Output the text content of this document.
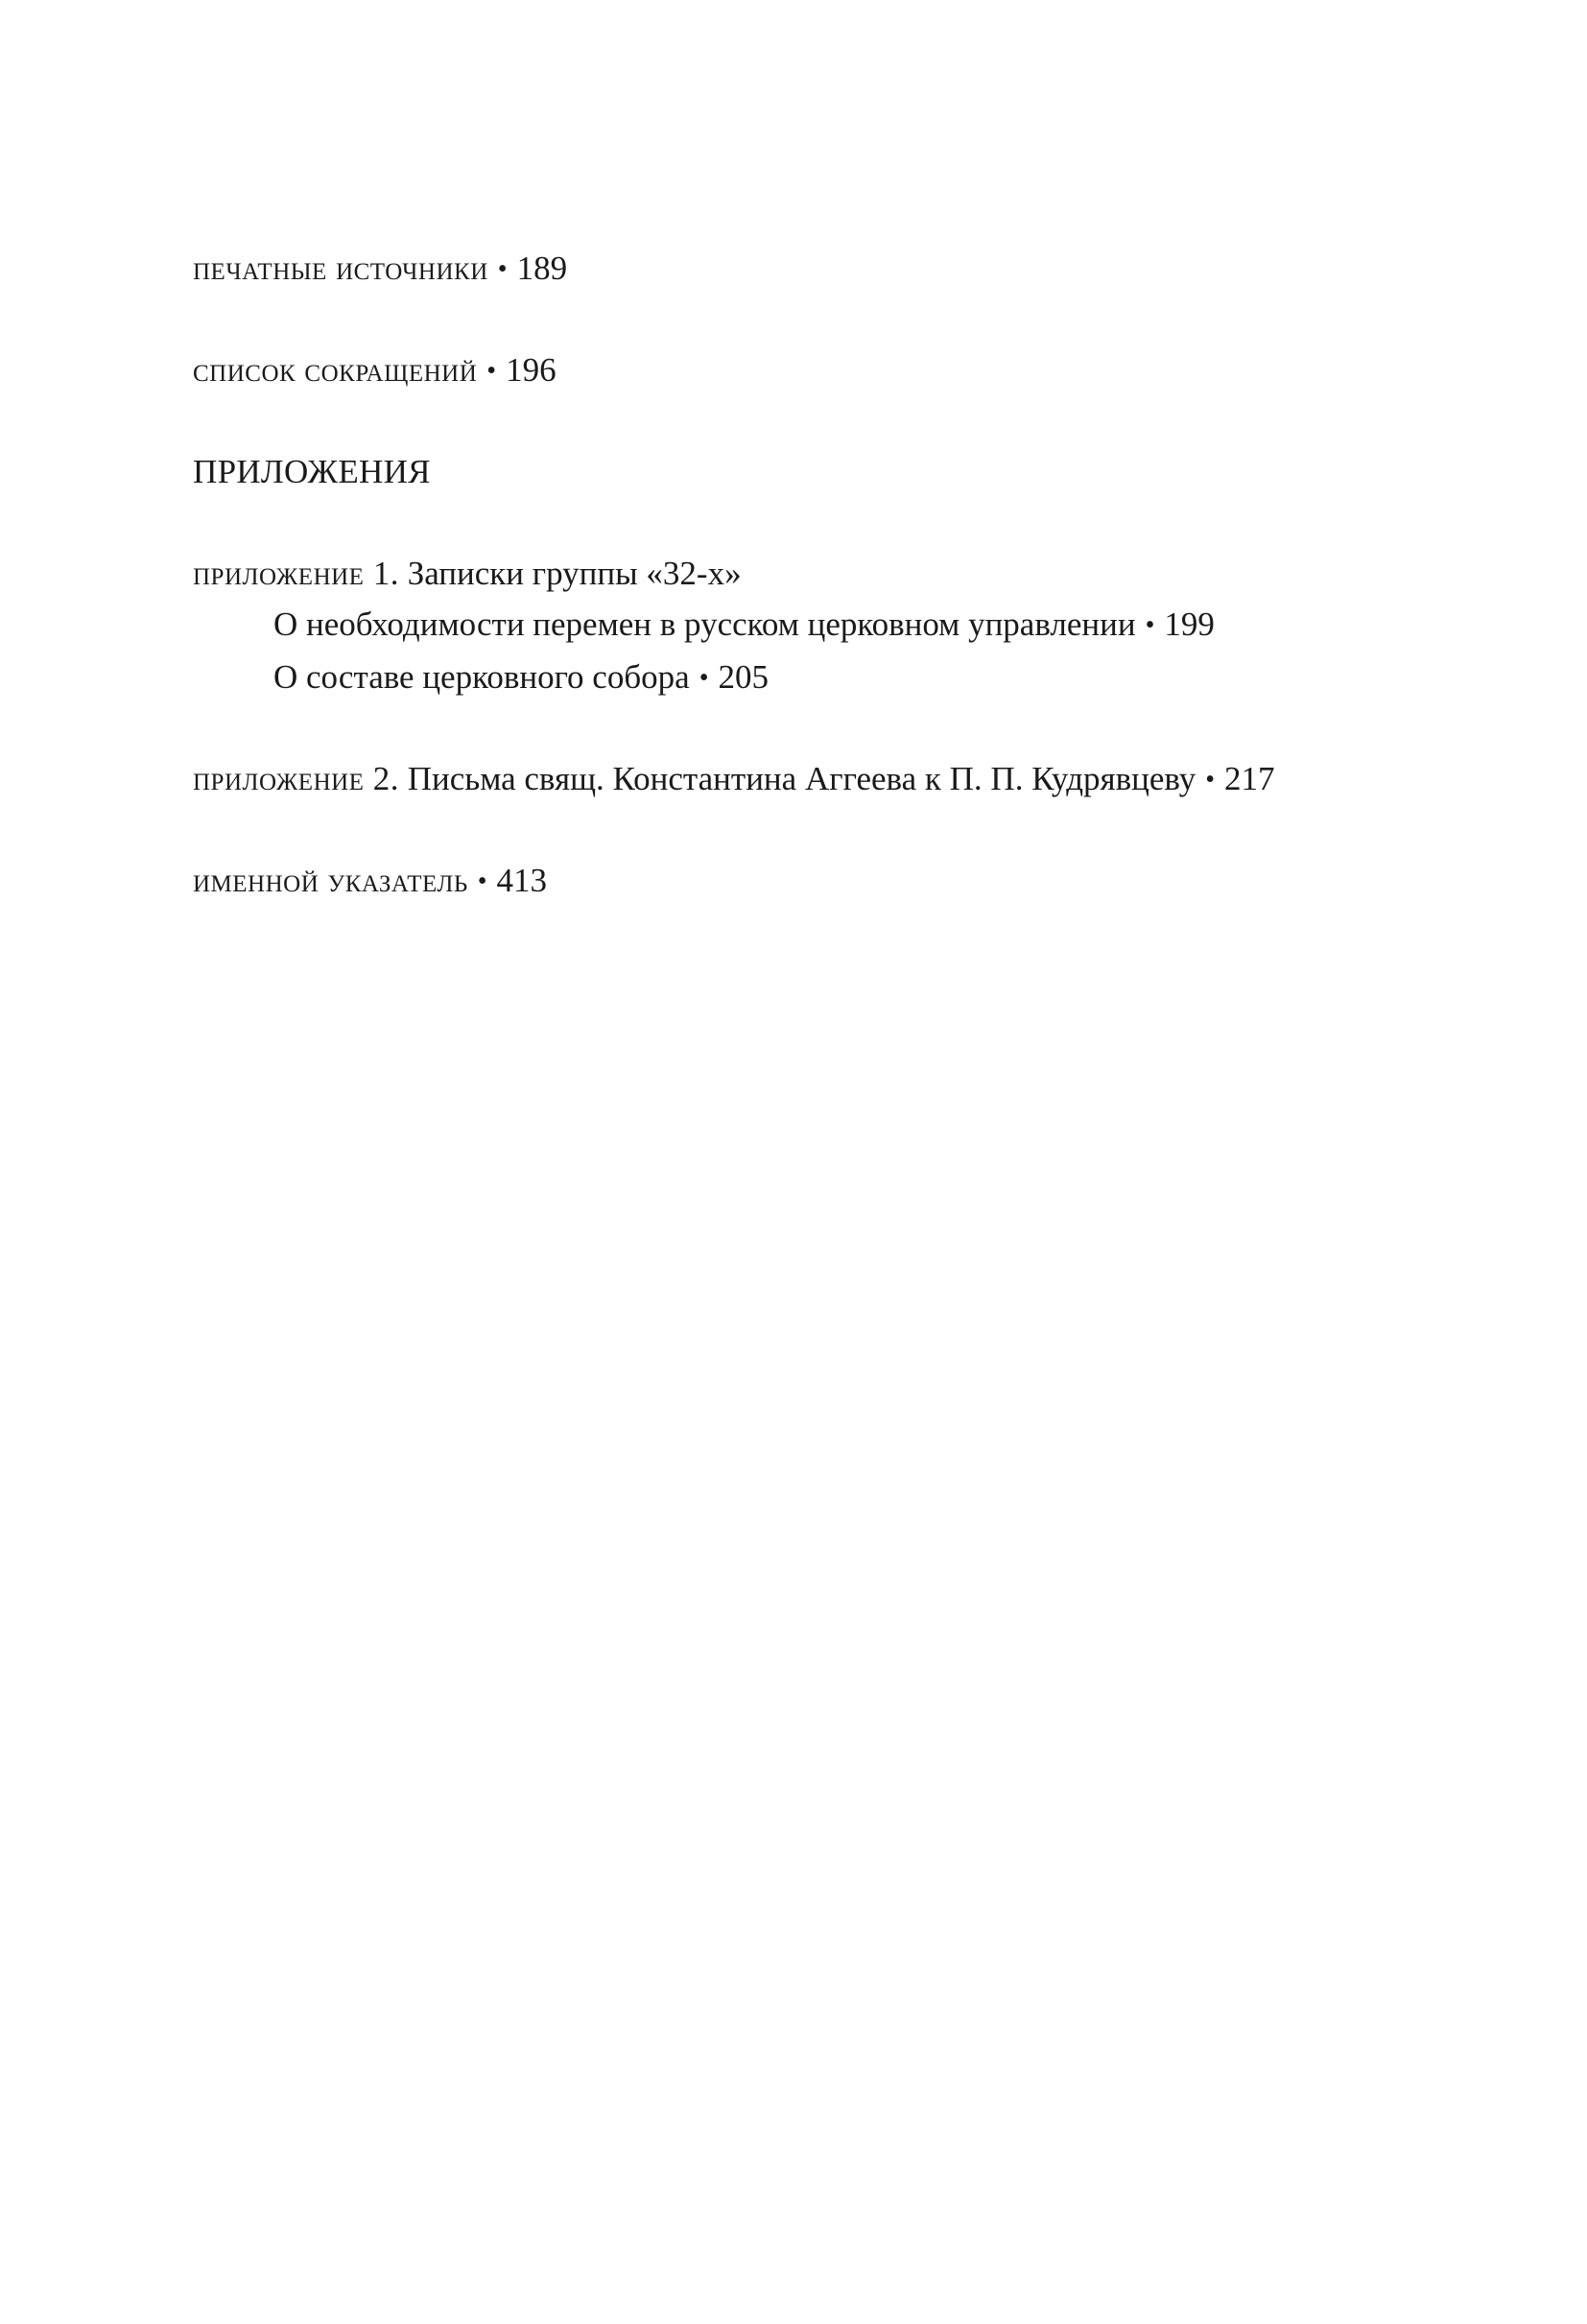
печатные источники • 189
список сокращений • 196
ПРИЛОЖЕНИЯ
приложение 1. Записки группы «32-х»
О необходимости перемен в русском церковном управлении • 199
О составе церковного собора • 205
приложение 2. Письма свящ. Константина Аггеева к П. П. Кудрявцеву • 217
именной указатель • 413
